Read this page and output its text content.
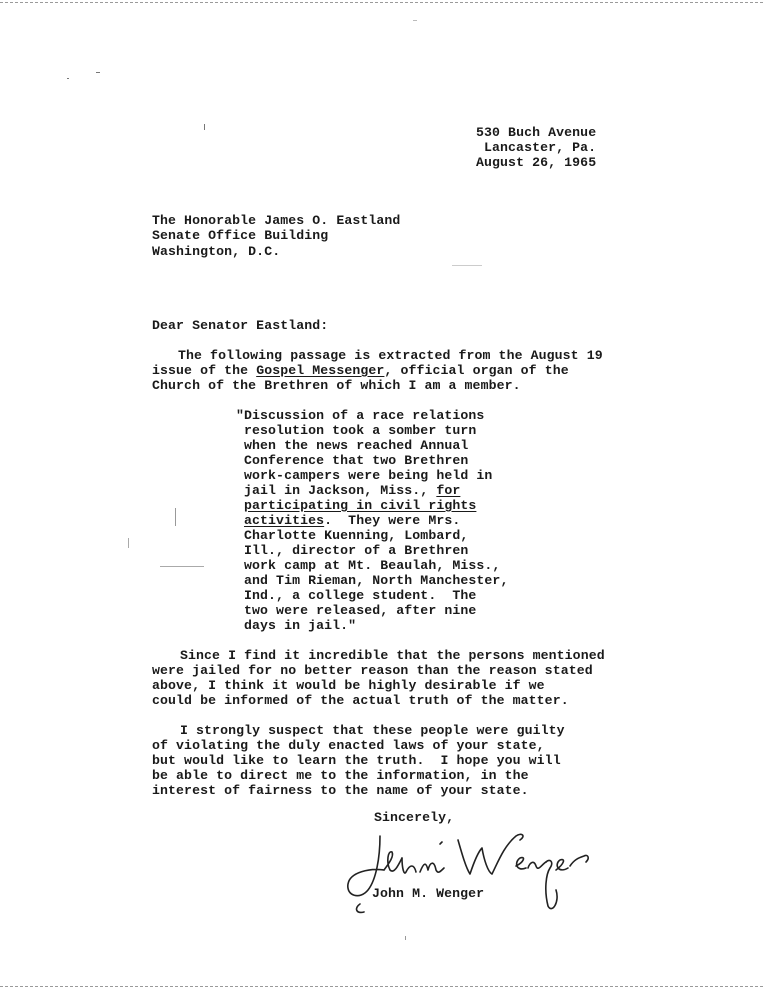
530 Buch Avenue
Lancaster, Pa.
August 26, 1965
The Honorable James O. Eastland
Senate Office Building
Washington, D.C.
Dear Senator Eastland:
The following passage is extracted from the August 19
issue of the Gospel Messenger, official organ of the
Church of the Brethren of which I am a member.
"Discussion of a race relations
resolution took a somber turn
when the news reached Annual
Conference that two Brethren
work-campers were being held in
jail in Jackson, Miss., for
participating in civil rights
activities.  They were Mrs.
Charlotte Kuenning, Lombard,
Ill., director of a Brethren
work camp at Mt. Beaulah, Miss.,
and Tim Rieman, North Manchester,
Ind., a college student.  The
two were released, after nine
days in jail."
Since I find it incredible that the persons mentioned
were jailed for no better reason than the reason stated
above, I think it would be highly desirable if we
could be informed of the actual truth of the matter.
I strongly suspect that these people were guilty
of violating the duly enacted laws of your state,
but would like to learn the truth.  I hope you will
be able to direct me to the information, in the
interest of fairness to the name of your state.
Sincerely,
John M. Wenger
